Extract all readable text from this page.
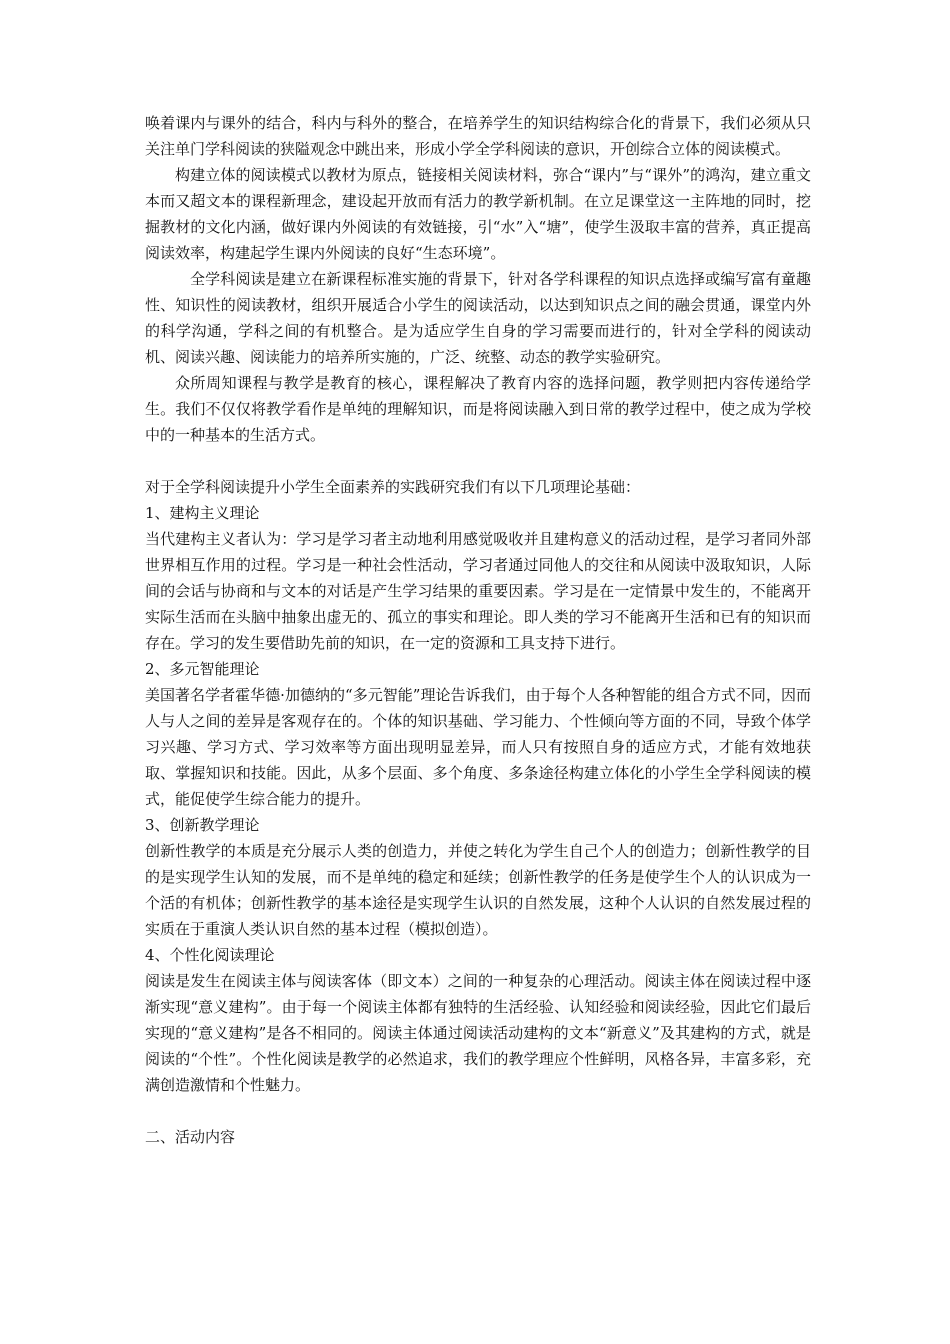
唤着课内与课外的结合，科内与科外的整合，在培养学生的知识结构综合化的背景下，我们必须从只关注单门学科阅读的狭隘观念中跳出来，形成小学全学科阅读的意识，开创综合立体的阅读模式。

构建立体的阅读模式以教材为原点，链接相关阅读材料，弥合“课内”与“课外”的鸿沟，建立重文本而又超文本的课程新理念，建设起开放而有活力的教学新机制。在立足课堂这一主阵地的同时，挖掘教材的文化内涵，做好课内外阅读的有效链接，引“水”入“塘”，使学生汲取丰富的营养，真正提高阅读效率，构建起学生课内外阅读的良好“生态环境”。

全学科阅读是建立在新课程标准实施的背景下，针对各学科课程的知识点选择或编写富有童趣性、知识性的阅读教材，组织开展适合小学生的阅读活动，以达到知识点之间的融会贯通，课堂内外的科学沟通，学科之间的有机整合。是为适应学生自身的学习需要而进行的，针对全学科的阅读动机、阅读兴趣、阅读能力的培养所实施的，广泛、统整、动态的教学实验研究。

众所周知课程与教学是教育的核心，课程解决了教育内容的选择问题，教学则把内容传递给学生。我们不仅仅将教学看作是单纯的理解知识，而是将阅读融入到日常的教学过程中，使之成为学校中的一种基本的生活方式。

对于全学科阅读提升小学生全面素养的实践研究我们有以下几项理论基础：

1、建构主义理论

当代建构主义者认为：学习是学习者主动地利用感觉吸收并且建构意义的活动过程，是学习者同外部世界相互作用的过程。学习是一种社会性活动，学习者通过同他人的交往和从阅读中汲取知识，人际间的会话与协商和与文本的对话是产生学习结果的重要因素。学习是在一定情景中发生的，不能离开实际生活而在头脑中抽象出虚无的、孤立的事实和理论。即人类的学习不能离开生活和已有的知识而存在。学习的发生要借助先前的知识，在一定的资源和工具支持下进行。

2、多元智能理论

美国著名学者霍华德·加德纳的“多元智能”理论告诉我们，由于每个人各种智能的组合方式不同，因而人与人之间的差异是客观存在的。个体的知识基础、学习能力、个性倾向等方面的不同，导致个体学习兴趣、学习方式、学习效率等方面出现明显差异，而人只有按照自身的适应方式，才能有效地获取、掌握知识和技能。因此，从多个层面、多个角度、多条途径构建立体化的小学生全学科阅读的模式，能促使学生综合能力的提升。

3、创新教学理论

创新性教学的本质是充分展示人类的创造力，并使之转化为学生自己个人的创造力；创新性教学的目的是实现学生认知的发展，而不是单纯的稳定和延续；创新性教学的任务是使学生个人的认识成为一个活的有机体；创新性教学的基本途径是实现学生认识的自然发展，这种个人认识的自然发展过程的实质在于重演人类认识自然的基本过程（模拟创造）。

4、个性化阅读理论

阅读是发生在阅读主体与阅读客体（即文本）之间的一种复杂的心理活动。阅读主体在阅读过程中逐渐实现“意义建构”。由于每一个阅读主体都有独特的生活经验、认知经验和阅读经验，因此它们最后实现的“意义建构”是各不相同的。阅读主体通过阅读活动建构的文本“新意义”及其建构的方式，就是阅读的“个性”。个性化阅读是教学的必然追求，我们的教学理应个性鲜明，风格各异，丰富多彩，充满创造激情和个性魅力。

二、活动内容
